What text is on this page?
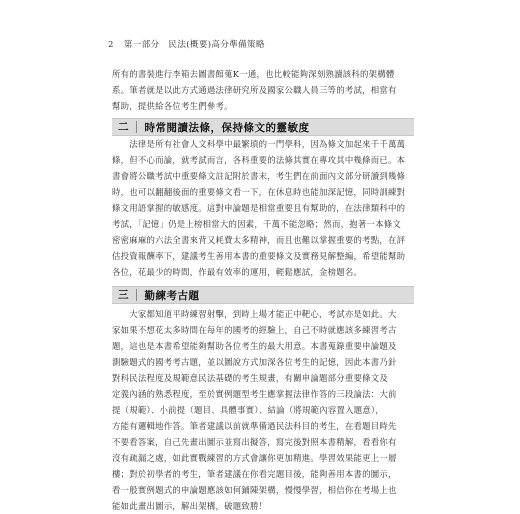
2 第一部分　民法(概要)高分準備策略
所有的書裝進行李箱去圖書館蒐K一通，也比較能夠深刻熟讀該科的架構體
系。筆者就是以此方式通過法律研究所及國家公職人員三等的考試，相當有
幫助，提供給各位考生們參考。
二	時常閱讀法條，保持條文的靈敏度
　　法律是所有社會人文科學中最繁瑣的一門學科，因為條文加起來千千萬萬
條，但不心而論，就考試而言，各科重要的法條其實在專攻其中幾條而已。本
書會將公職考試中重要條文註記附於書末，考生們在前面內文部分研讀到幾條
時，也可以翻翻後面的重要條文看一下，在休息時也能加深記憶，同時訓練對
條文用語掌握的敏感度。這對申論題是相當重要且有幫助的，在法律類科中的
考試，「記憶」仍是上榜相當大的因素，千萬不能忽略；然而，抱著一本條文
密密麻麻的六法全書來背又耗費太多精神，而且也難以掌握重要的考點，在評
估投資報酬率下，建議考生善用本書的重要條文及實務見解整編，希望能幫助
各位，花最少的時間，作最有效率的運用，輕鬆應試，金榜題名。
三	勤練考古題
　　大家都知道平時練習射擊，到時上場才能正中靶心，考試亦是如此。大
家如果不想花太多時間在每年的國考的經驗上，自己不時就應該多練習考古
題，這也是本書希望能夠幫助各位考生的最大用意。本書蒐錄重要申論題及
測驗題式的國考考古題，並以圖說方式加深各位考生的記憶，因此本書乃針
對科民法程度及規範意民法基礎的考生規畫，有關申論題部分重要條文及
定義內涵的熟悉程度，至於實例題型考生應掌握法律作答的三段論法：大前
提（規範）、小前提（題目、具體事實）、結論（將規範內容置入題意），
方能有邏輯地作答。筆者建議以前就準備過民法科目的考生，在看題目時先
不要看答案，自己先畫出圖示並寫出擬答，寫完後對照本書精解，看看你有
沒有疏漏之處，如此實戰練習的方式會讓你更加精進。學習效果能更上一層
樓；對於初學者的考生，筆者建議在你看完題目後，能夠善用本書的圖示，
看一般實例題式的申論題應該如何鋪陳架構，慢慢學習，相信你在考場上也
能如此畫出圖示，解出架構，破題致勝！
